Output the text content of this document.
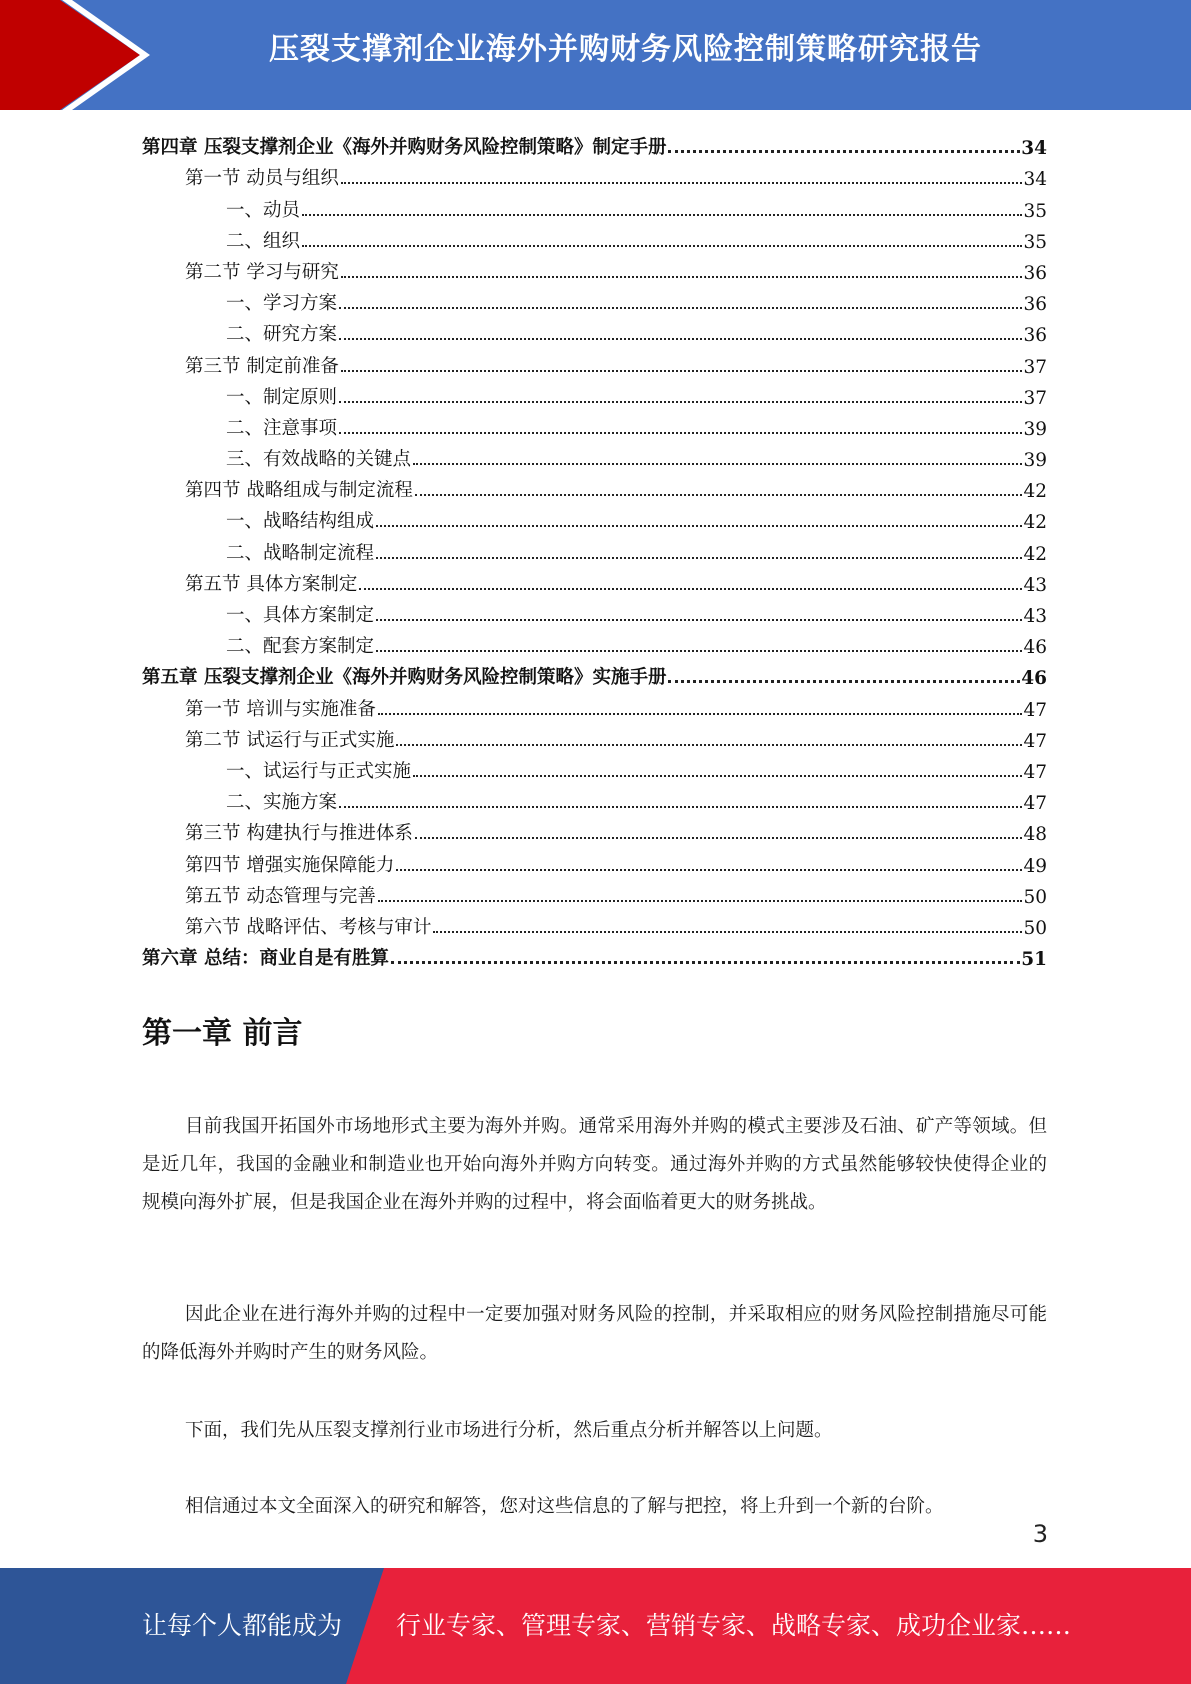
压裂支撑剂企业海外并购财务风险控制策略研究报告
第四章 压裂支撑剂企业《海外并购财务风险控制策略》制定手册	34
第一节 动员与组织	34
一、动员	35
二、组织	35
第二节 学习与研究	36
一、学习方案	36
二、研究方案	36
第三节 制定前准备	37
一、制定原则	37
二、注意事项	39
三、有效战略的关键点	39
第四节 战略组成与制定流程	42
一、战略结构组成	42
二、战略制定流程	42
第五节 具体方案制定	43
一、具体方案制定	43
二、配套方案制定	46
第五章 压裂支撑剂企业《海外并购财务风险控制策略》实施手册	46
第一节 培训与实施准备	47
第二节 试运行与正式实施	47
一、试运行与正式实施	47
二、实施方案	47
第三节 构建执行与推进体系	48
第四节 增强实施保障能力	49
第五节 动态管理与完善	50
第六节 战略评估、考核与审计	50
第六章 总结：商业自是有胜算	51
第一章 前言
目前我国开拓国外市场地形式主要为海外并购。通常采用海外并购的模式主要涉及石油、矿产等领域。但是近几年，我国的金融业和制造业也开始向海外并购方向转变。通过海外并购的方式虽然能够较快使得企业的规模向海外扩展，但是我国企业在海外并购的过程中，将会面临着更大的财务挑战。
因此企业在进行海外并购的过程中一定要加强对财务风险的控制，并采取相应的财务风险控制措施尽可能的降低海外并购时产生的财务风险。
下面，我们先从压裂支撑剂行业市场进行分析，然后重点分析并解答以上问题。
相信通过本文全面深入的研究和解答，您对这些信息的了解与把控，将上升到一个新的台阶。
3
让每个人都能成为 行业专家、管理专家、营销专家、战略专家、成功企业家……
